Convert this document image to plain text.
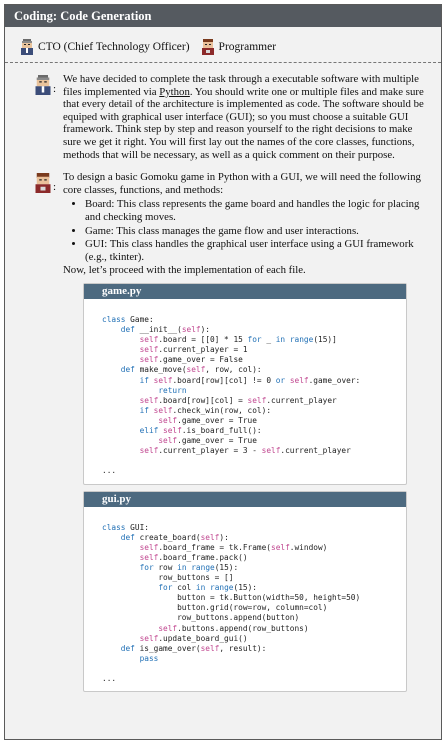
Coding: Code Generation
CTO (Chief Technology Officer)	Programmer
:

We have decided to complete the task through a executable software with multiple files implemented via Python. You should write one or multiple files and make sure that every detail of the architecture is implemented as code. The software should be equiped with graphical user interface (GUI); so you must choose a suitable GUI framework. Think step by step and reason yourself to the right decisions to make sure we get it right. You will first lay out the names of the core classes, functions, methods that will be necessary, as well as a quick comment on their purpose.

:

To design a basic Gomoku game in Python with a GUI, we will need the following core classes, functions, and methods:

• Board: This class represents the game board and handles the logic for placing and checking moves.
• Game: This class manages the game flow and user interactions.
• GUI: This class handles the graphical user interface using a GUI framework (e.g., tkinter).

Now, let’s proceed with the implementation of each file.

game.py

class Game:
def __init__(self):
self.board = [[0] * 15 for _ in range(15)]
self.current_player = 1
self.game_over = False
def make_move(self, row, col):
if self.board[row][col] != 0 or self.game_over:
return
self.board[row][col] = self.current_player
if self.check_win(row, col):
self.game_over = True
elif self.is_board_full():
self.game_over = True
self.current_player = 3 - self.current_player

...
gui.py

class GUI:
def create_board(self):
self.board_frame = tk.Frame(self.window)
self.board_frame.pack()
for row in range(15):
row_buttons = []
for col in range(15):
button = tk.Button(width=50, height=50)
button.grid(row=row, column=col)
row_buttons.append(button)
self.buttons.append(row_buttons)
self.update_board_gui()
def is_game_over(self, result):
pass

...
